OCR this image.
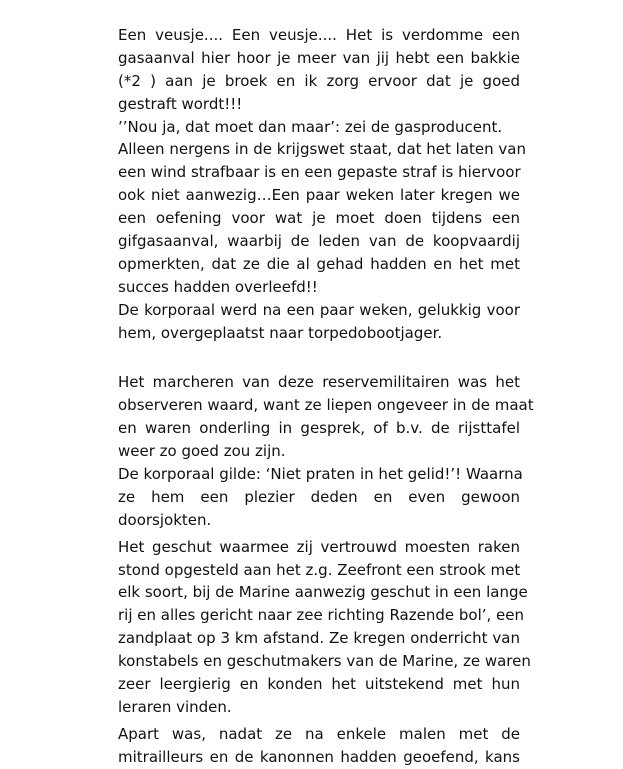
Een veusje.... Een veusje.... Het is verdomme een
gasaanval hier hoor je meer van jij hebt een bakkie
(*2 ) aan je broek en ik zorg ervoor dat je goed
gestraft wordt!!!
’’Nou ja, dat moet dan maar’: zei de gasproducent.
Alleen nergens in de krijgswet staat, dat het laten van
een wind strafbaar is en een gepaste straf is hiervoor
ook niet aanwezig…Een paar weken later kregen we
een oefening voor wat je moet doen tijdens een
gifgasaanval, waarbij de leden van de koopvaardij
opmerkten, dat ze die al gehad hadden en het met
succes hadden overleefd!!
De korporaal werd na een paar weken, gelukkig voor
hem, overgeplaatst naar torpedobootjager.
Het marcheren van deze reservemilitairen was het
observeren waard, want ze liepen ongeveer in de maat
en waren onderling in gesprek, of b.v. de rijsttafel
weer zo goed zou zijn.
De korporaal gilde: ‘Niet praten in het gelid!’! Waarna
ze hem een plezier deden en even gewoon
doorsjokten.
Het geschut waarmee zij vertrouwd moesten raken
stond opgesteld aan het z.g. Zeefront een strook met
elk soort, bij de Marine aanwezig geschut in een lange
rij en alles gericht naar zee richting Razende bol’, een
zandplaat op 3 km afstand. Ze kregen onderricht van
konstabels en geschutmakers van de Marine, ze waren
zeer leergierig en konden het uitstekend met hun
leraren vinden.
Apart was, nadat ze na enkele malen met de
mitrailleurs en de kanonnen hadden geoefend, kans
